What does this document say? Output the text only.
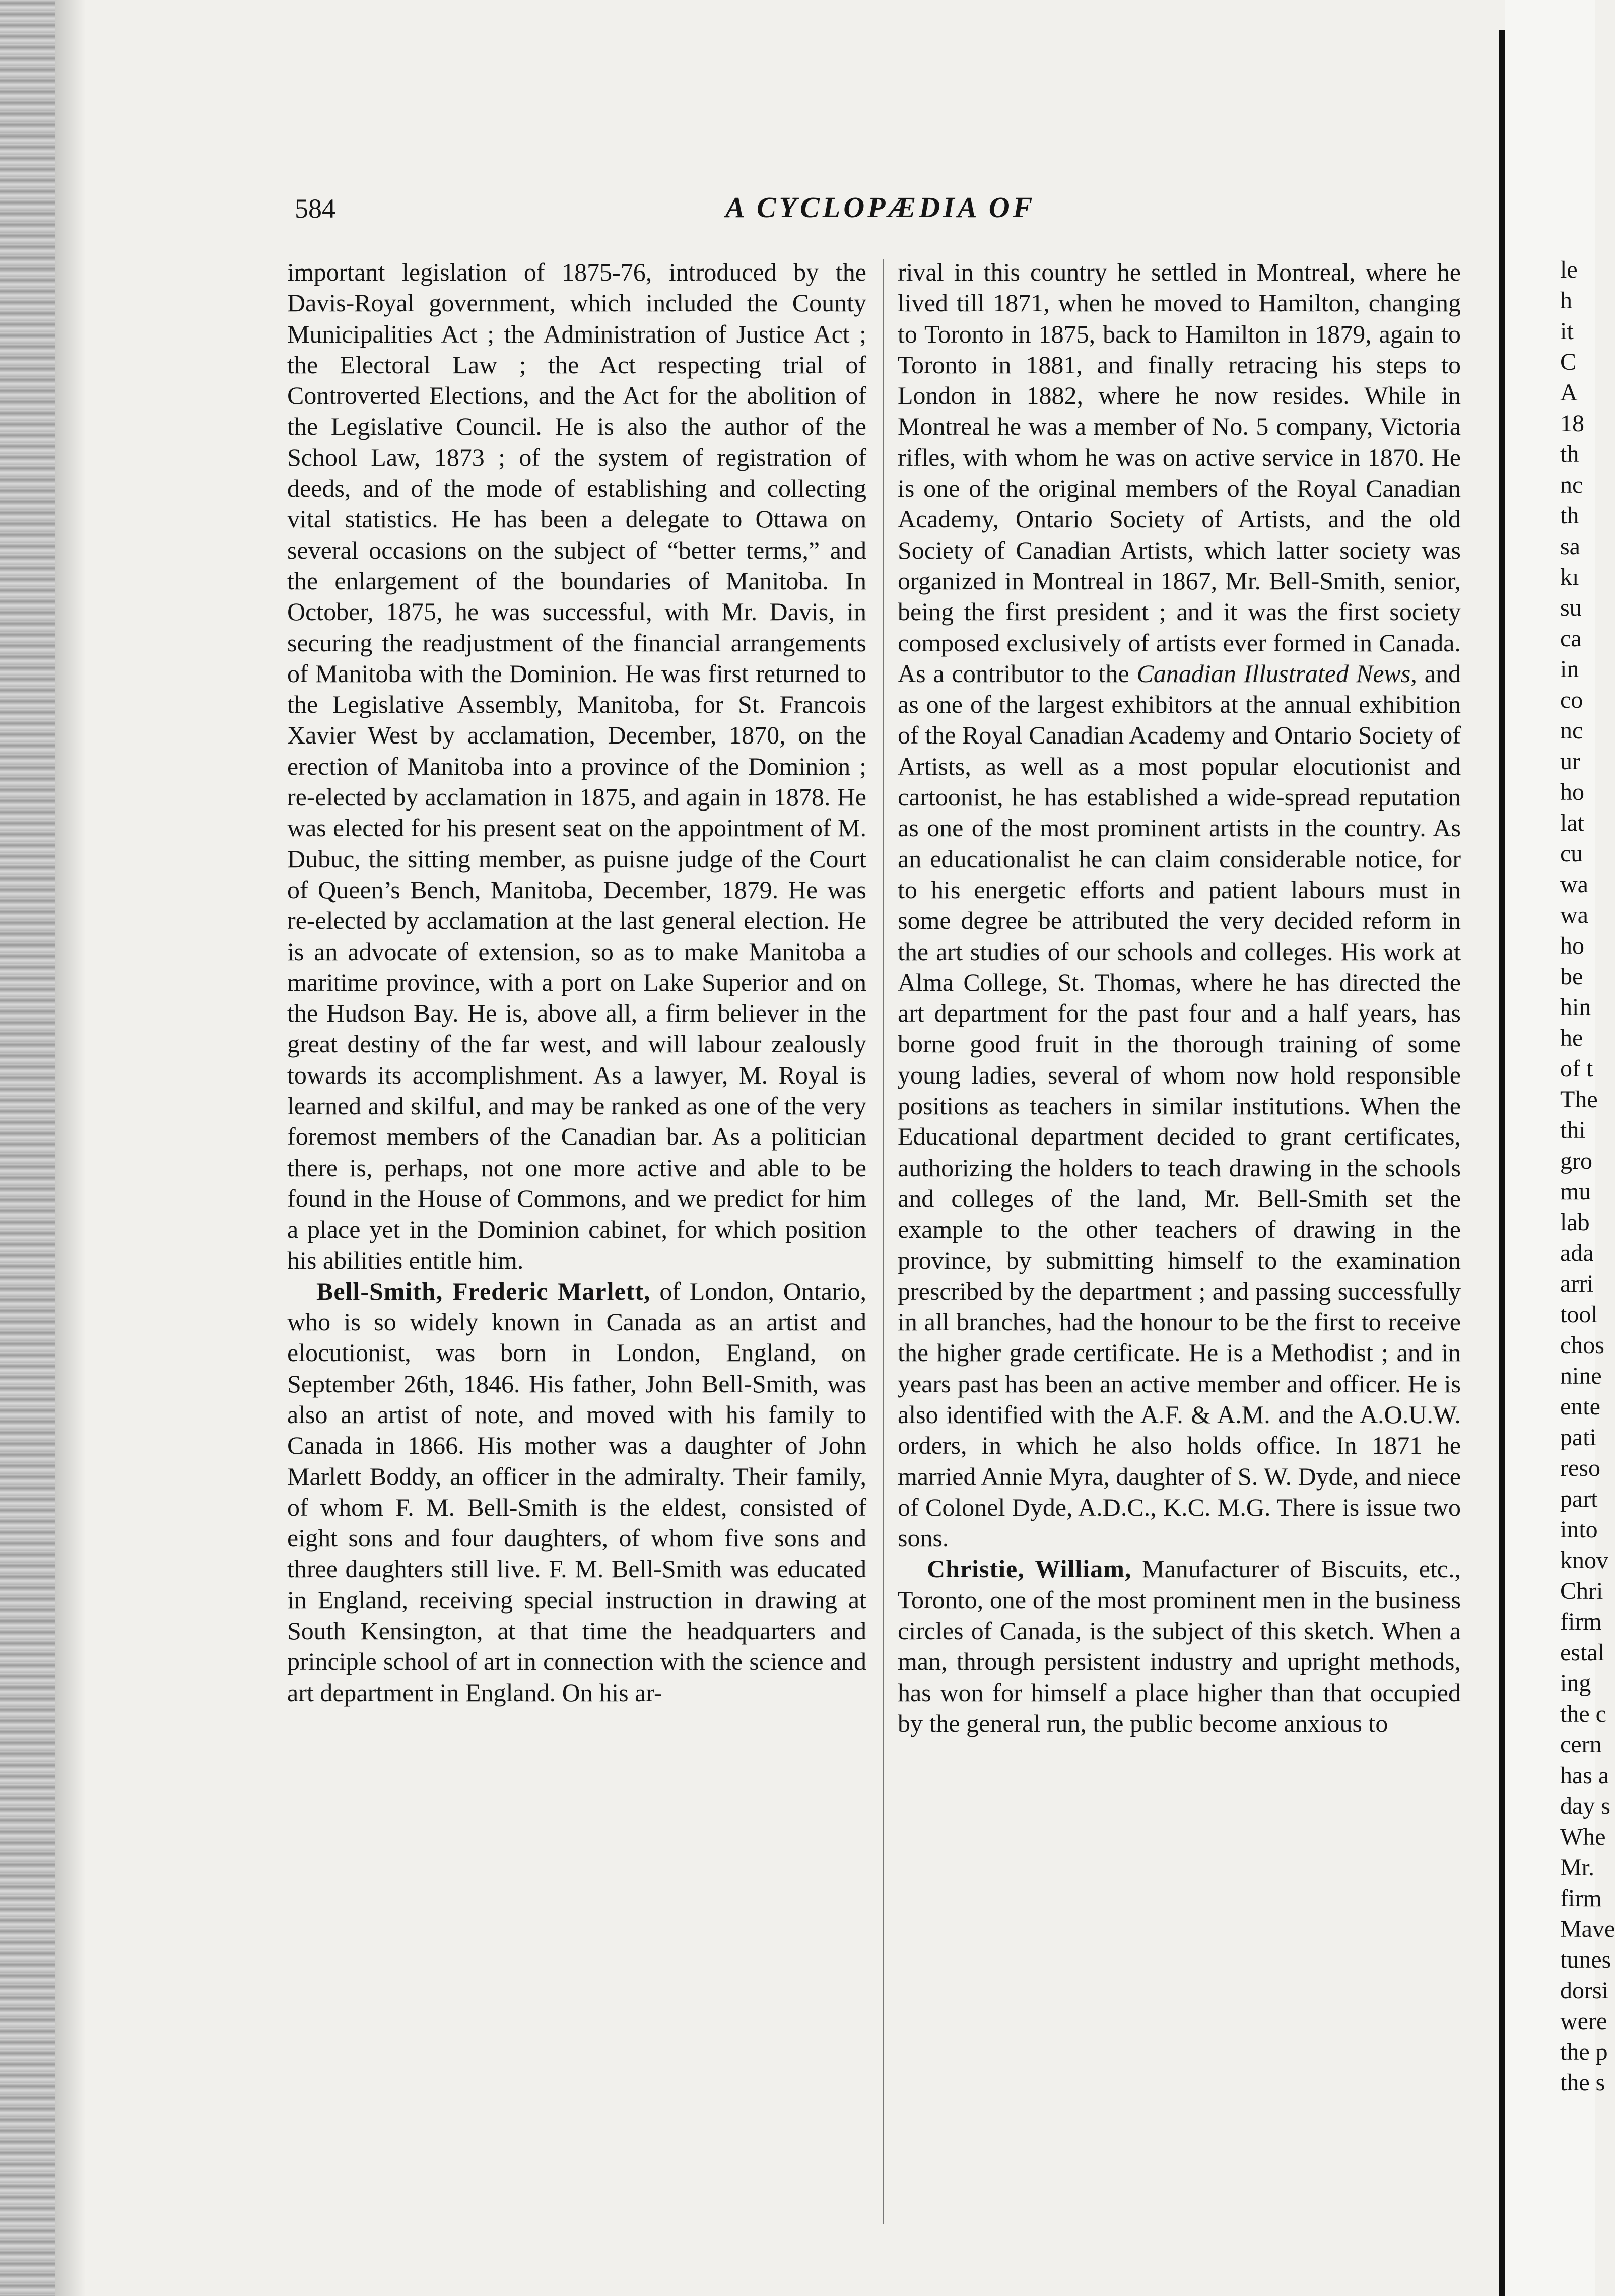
584	A CYCLOPÆDIA OF

important legislation of 1875-76, introduced by the Davis-Royal government, which included the County Municipalities Act ; the Administration of Justice Act ; the Electoral Law ; the Act respecting trial of Controverted Elections, and the Act for the abolition of the Legislative Council. He is also the author of the School Law, 1873 ; of the system of registration of deeds, and of the mode of establishing and collecting vital statistics. He has been a delegate to Ottawa on several occasions on the subject of “better terms,” and the enlargement of the boundaries of Manitoba. In October, 1875, he was successful, with Mr. Davis, in securing the readjustment of the financial arrangements of Manitoba with the Dominion. He was first returned to the Legislative Assembly, Manitoba, for St. Francois Xavier West by acclamation, December, 1870, on the erection of Manitoba into a province of the Dominion ; re-elected by acclamation in 1875, and again in 1878. He was elected for his present seat on the appointment of M. Dubuc, the sitting member, as puisne judge of the Court of Queen’s Bench, Manitoba, December, 1879. He was re-elected by acclamation at the last general election. He is an advocate of extension, so as to make Manitoba a maritime province, with a port on Lake Superior and on the Hudson Bay. He is, above all, a firm believer in the great destiny of the far west, and will labour zealously towards its accomplishment. As a lawyer, M. Royal is learned and skilful, and may be ranked as one of the very foremost members of the Canadian bar. As a politician there is, perhaps, not one more active and able to be found in the House of Commons, and we predict for him a place yet in the Dominion cabinet, for which position his abilities entitle him.

Bell-Smith, Frederic Marlett, of London, Ontario, who is so widely known in Canada as an artist and elocutionist, was born in London, England, on September 26th, 1846. His father, John Bell-Smith, was also an artist of note, and moved with his family to Canada in 1866. His mother was a daughter of John Marlett Boddy, an officer in the admiralty. Their family, of whom F. M. Bell-Smith is the eldest, consisted of eight sons and four daughters, of whom five sons and three daughters still live. F. M. Bell-Smith was educated in England, receiving special instruction in drawing at South Kensington, at that time the headquarters and principle school of art in connection with the science and art department in England. On his ar-

rival in this country he settled in Montreal, where he lived till 1871, when he moved to Hamilton, changing to Toronto in 1875, back to Hamilton in 1879, again to Toronto in 1881, and finally retracing his steps to London in 1882, where he now resides. While in Montreal he was a member of No. 5 company, Victoria rifles, with whom he was on active service in 1870. He is one of the original members of the Royal Canadian Academy, Ontario Society of Artists, and the old Society of Canadian Artists, which latter society was organized in Montreal in 1867, Mr. Bell-Smith, senior, being the first president ; and it was the first society composed exclusively of artists ever formed in Canada. As a contributor to the Canadian Illustrated News, and as one of the largest exhibitors at the annual exhibition of the Royal Canadian Academy and Ontario Society of Artists, as well as a most popular elocutionist and cartoonist, he has established a wide-spread reputation as one of the most prominent artists in the country. As an educationalist he can claim considerable notice, for to his energetic efforts and patient labours must in some degree be attributed the very decided reform in the art studies of our schools and colleges. His work at Alma College, St. Thomas, where he has directed the art department for the past four and a half years, has borne good fruit in the thorough training of some young ladies, several of whom now hold responsible positions as teachers in similar institutions. When the Educational department decided to grant certificates, authorizing the holders to teach drawing in the schools and colleges of the land, Mr. Bell-Smith set the example to the other teachers of drawing in the province, by submitting himself to the examination prescribed by the department ; and passing successfully in all branches, had the honour to be the first to receive the higher grade certificate. He is a Methodist ; and in years past has been an active member and officer. He is also identified with the A.F. & A.M. and the A.O.U.W. orders, in which he also holds office. In 1871 he married Annie Myra, daughter of S. W. Dyde, and niece of Colonel Dyde, A.D.C., K.C. M.G. There is issue two sons.

Christie, William, Manufacturer of Biscuits, etc., Toronto, one of the most prominent men in the business circles of Canada, is the subject of this sketch. When a man, through persistent industry and upright methods, has won for himself a place higher than that occupied by the general run, the public become anxious to

le
h
it
C
A
18
th
nc
th
sa
kı
su
ca
in
co
nc
ur
ho
lat
cu
wa
wa
ho
be
hin
he
of t
The
thi
gro
mu
lab
ada
arri
tool
chos
nine
ente
pati
reso
part
into
knov
Chri
firm
estal
ing
the c
cern
has a
day s
Whe
Mr.
firm
Mave
tunes
dorsi
were
the p
the s
